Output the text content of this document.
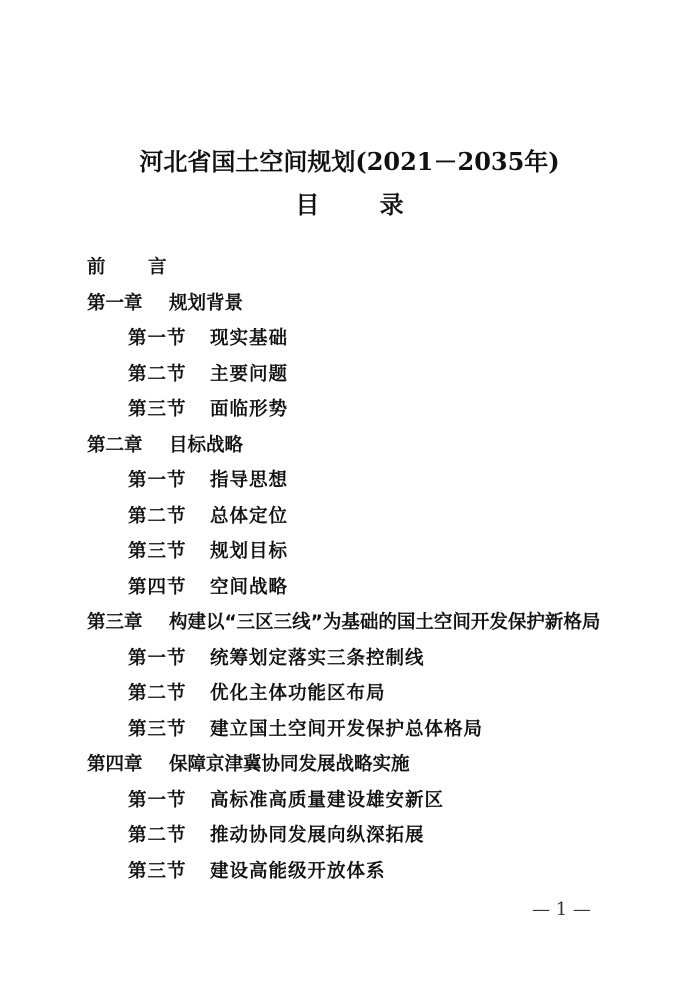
河北省国土空间规划(2021－2035年)
目 录
前 言
第一章 规划背景
第一节 现实基础
第二节 主要问题
第三节 面临形势
第二章 目标战略
第一节 指导思想
第二节 总体定位
第三节 规划目标
第四节 空间战略
第三章 构建以“三区三线”为基础的国土空间开发保护新格局
第一节 统筹划定落实三条控制线
第二节 优化主体功能区布局
第三节 建立国土空间开发保护总体格局
第四章 保障京津冀协同发展战略实施
第一节 高标准高质量建设雄安新区
第二节 推动协同发展向纵深拓展
第三节 建设高能级开放体系
— 1 —
